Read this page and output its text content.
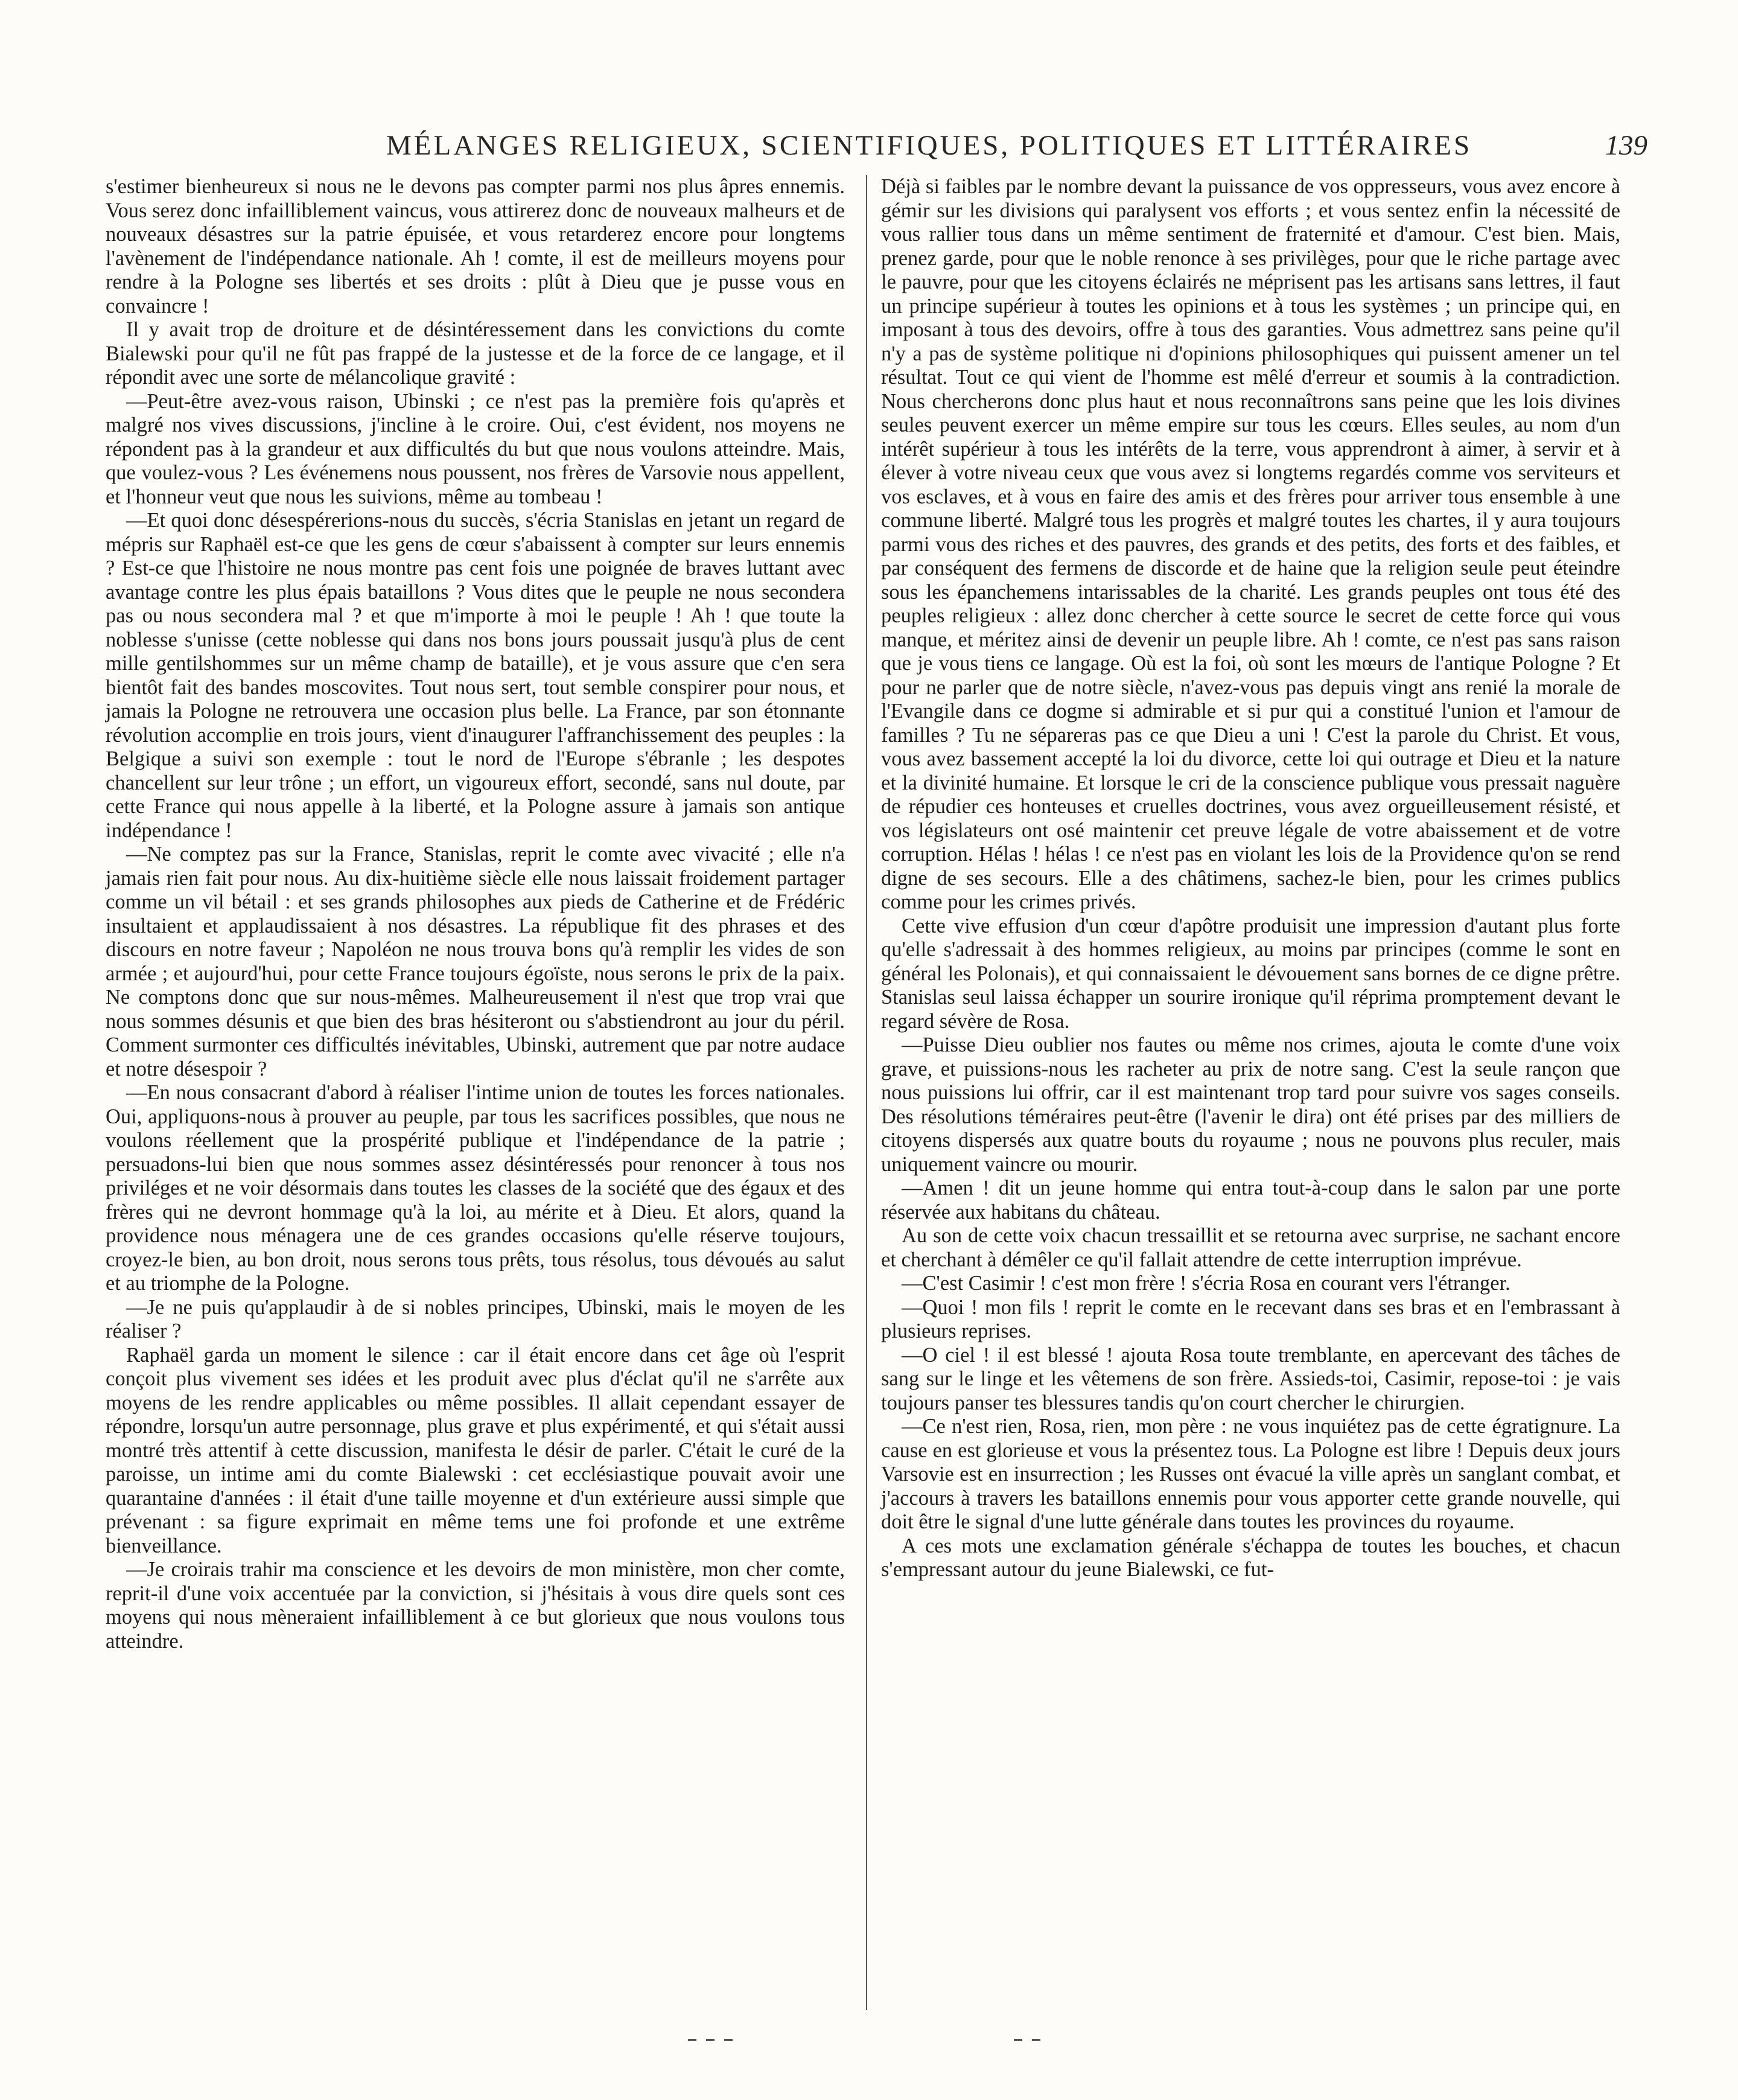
MÉLANGES RELIGIEUX, SCIENTIFIQUES, POLITIQUES ET LITTÉRAIRES	139

s'estimer bienheureux si nous ne le devons pas compter parmi nos plus âpres ennemis. Vous serez donc infailliblement vaincus, vous attirerez donc de nouveaux malheurs et de nouveaux désastres sur la patrie épuisée, et vous retarderez encore pour longtems l'avènement de l'indépendance nationale. Ah ! comte, il est de meilleurs moyens pour rendre à la Pologne ses libertés et ses droits : plût à Dieu que je pusse vous en convaincre !

Il y avait trop de droiture et de désintéressement dans les convictions du comte Bialewski pour qu'il ne fût pas frappé de la justesse et de la force de ce langage, et il répondit avec une sorte de mélancolique gravité :

—Peut-être avez-vous raison, Ubinski ; ce n'est pas la première fois qu'après et malgré nos vives discussions, j'incline à le croire. Oui, c'est évident, nos moyens ne répondent pas à la grandeur et aux difficultés du but que nous voulons atteindre. Mais, que voulez-vous ? Les événemens nous poussent, nos frères de Varsovie nous appellent, et l'honneur veut que nous les suivions, même au tombeau !

—Et quoi donc désespérerions-nous du succès, s'écria Stanislas en jetant un regard de mépris sur Raphaël est-ce que les gens de cœur s'abaissent à compter sur leurs ennemis ? Est-ce que l'histoire ne nous montre pas cent fois une poignée de braves luttant avec avantage contre les plus épais bataillons ? Vous dites que le peuple ne nous secondera pas ou nous secondera mal ? et que m'importe à moi le peuple ! Ah ! que toute la noblesse s'unisse (cette noblesse qui dans nos bons jours poussait jusqu'à plus de cent mille gentilshommes sur un même champ de bataille), et je vous assure que c'en sera bientôt fait des bandes moscovites. Tout nous sert, tout semble conspirer pour nous, et jamais la Pologne ne retrouvera une occasion plus belle. La France, par son étonnante révolution accomplie en trois jours, vient d'inaugurer l'affranchissement des peuples : la Belgique a suivi son exemple : tout le nord de l'Europe s'ébranle ; les despotes chancellent sur leur trône ; un effort, un vigoureux effort, secondé, sans nul doute, par cette France qui nous appelle à la liberté, et la Pologne assure à jamais son antique indépendance !

—Ne comptez pas sur la France, Stanislas, reprit le comte avec vivacité ; elle n'a jamais rien fait pour nous. Au dix-huitième siècle elle nous laissait froidement partager comme un vil bétail : et ses grands philosophes aux pieds de Catherine et de Frédéric insultaient et applaudissaient à nos désastres. La république fit des phrases et des discours en notre faveur ; Napoléon ne nous trouva bons qu'à remplir les vides de son armée ; et aujourd'hui, pour cette France toujours égoïste, nous serons le prix de la paix. Ne comptons donc que sur nous-mêmes. Malheureusement il n'est que trop vrai que nous sommes désunis et que bien des bras hésiteront ou s'abstiendront au jour du péril. Comment surmonter ces difficultés inévitables, Ubinski, autrement que par notre audace et notre désespoir ?

—En nous consacrant d'abord à réaliser l'intime union de toutes les forces nationales. Oui, appliquons-nous à prouver au peuple, par tous les sacrifices possibles, que nous ne voulons réellement que la prospérité publique et l'indépendance de la patrie ; persuadons-lui bien que nous sommes assez désintéressés pour renoncer à tous nos priviléges et ne voir désormais dans toutes les classes de la société que des égaux et des frères qui ne devront hommage qu'à la loi, au mérite et à Dieu. Et alors, quand la providence nous ménagera une de ces grandes occasions qu'elle réserve toujours, croyez-le bien, au bon droit, nous serons tous prêts, tous résolus, tous dévoués au salut et au triomphe de la Pologne.

—Je ne puis qu'applaudir à de si nobles principes, Ubinski, mais le moyen de les réaliser ?

Raphaël garda un moment le silence : car il était encore dans cet âge où l'esprit conçoit plus vivement ses idées et les produit avec plus d'éclat qu'il ne s'arrête aux moyens de les rendre applicables ou même possibles. Il allait cependant essayer de répondre, lorsqu'un autre personnage, plus grave et plus expérimenté, et qui s'était aussi montré très attentif à cette discussion, manifesta le désir de parler. C'était le curé de la paroisse, un intime ami du comte Bialewski : cet ecclésiastique pouvait avoir une quarantaine d'années : il était d'une taille moyenne et d'un extérieure aussi simple que prévenant : sa figure exprimait en même tems une foi profonde et une extrême bienveillance.

—Je croirais trahir ma conscience et les devoirs de mon ministère, mon cher comte, reprit-il d'une voix accentuée par la conviction, si j'hésitais à vous dire quels sont ces moyens qui nous mèneraient infailliblement à ce but glorieux que nous voulons tous atteindre.

Déjà si faibles par le nombre devant la puissance de vos oppresseurs, vous avez encore à gémir sur les divisions qui paralysent vos efforts ; et vous sentez enfin la nécessité de vous rallier tous dans un même sentiment de fraternité et d'amour. C'est bien. Mais, prenez garde, pour que le noble renonce à ses privilèges, pour que le riche partage avec le pauvre, pour que les citoyens éclairés ne méprisent pas les artisans sans lettres, il faut un principe supérieur à toutes les opinions et à tous les systèmes ; un principe qui, en imposant à tous des devoirs, offre à tous des garanties. Vous admettrez sans peine qu'il n'y a pas de système politique ni d'opinions philosophiques qui puissent amener un tel résultat. Tout ce qui vient de l'homme est mêlé d'erreur et soumis à la contradiction. Nous chercherons donc plus haut et nous reconnaîtrons sans peine que les lois divines seules peuvent exercer un même empire sur tous les cœurs. Elles seules, au nom d'un intérêt supérieur à tous les intérêts de la terre, vous apprendront à aimer, à servir et à élever à votre niveau ceux que vous avez si longtems regardés comme vos serviteurs et vos esclaves, et à vous en faire des amis et des frères pour arriver tous ensemble à une commune liberté. Malgré tous les progrès et malgré toutes les chartes, il y aura toujours parmi vous des riches et des pauvres, des grands et des petits, des forts et des faibles, et par conséquent des fermens de discorde et de haine que la religion seule peut éteindre sous les épanchemens intarissables de la charité. Les grands peuples ont tous été des peuples religieux : allez donc chercher à cette source le secret de cette force qui vous manque, et méritez ainsi de devenir un peuple libre. Ah ! comte, ce n'est pas sans raison que je vous tiens ce langage. Où est la foi, où sont les mœurs de l'antique Pologne ? Et pour ne parler que de notre siècle, n'avez-vous pas depuis vingt ans renié la morale de l'Evangile dans ce dogme si admirable et si pur qui a constitué l'union et l'amour de familles ? Tu ne sépareras pas ce que Dieu a uni ! C'est la parole du Christ. Et vous, vous avez bassement accepté la loi du divorce, cette loi qui outrage et Dieu et la nature et la divinité humaine. Et lorsque le cri de la conscience publique vous pressait naguère de répudier ces honteuses et cruelles doctrines, vous avez orgueilleusement résisté, et vos législateurs ont osé maintenir cet preuve légale de votre abaissement et de votre corruption. Hélas ! hélas ! ce n'est pas en violant les lois de la Providence qu'on se rend digne de ses secours. Elle a des châtimens, sachez-le bien, pour les crimes publics comme pour les crimes privés.

Cette vive effusion d'un cœur d'apôtre produisit une impression d'autant plus forte qu'elle s'adressait à des hommes religieux, au moins par principes (comme le sont en général les Polonais), et qui connaissaient le dévouement sans bornes de ce digne prêtre. Stanislas seul laissa échapper un sourire ironique qu'il réprima promptement devant le regard sévère de Rosa.

—Puisse Dieu oublier nos fautes ou même nos crimes, ajouta le comte d'une voix grave, et puissions-nous les racheter au prix de notre sang. C'est la seule rançon que nous puissions lui offrir, car il est maintenant trop tard pour suivre vos sages conseils. Des résolutions téméraires peut-être (l'avenir le dira) ont été prises par des milliers de citoyens dispersés aux quatre bouts du royaume ; nous ne pouvons plus reculer, mais uniquement vaincre ou mourir.

—Amen ! dit un jeune homme qui entra tout-à-coup dans le salon par une porte réservée aux habitans du château.

Au son de cette voix chacun tressaillit et se retourna avec surprise, ne sachant encore et cherchant à démêler ce qu'il fallait attendre de cette interruption imprévue.

—C'est Casimir ! c'est mon frère ! s'écria Rosa en courant vers l'étranger.

—Quoi ! mon fils ! reprit le comte en le recevant dans ses bras et en l'embrassant à plusieurs reprises.

—O ciel ! il est blessé ! ajouta Rosa toute tremblante, en apercevant des tâches de sang sur le linge et les vêtemens de son frère. Assieds-toi, Casimir, repose-toi : je vais toujours panser tes blessures tandis qu'on court chercher le chirurgien.

—Ce n'est rien, Rosa, rien, mon père : ne vous inquiétez pas de cette égratignure. La cause en est glorieuse et vous la présentez tous. La Pologne est libre ! Depuis deux jours Varsovie est en insurrection ; les Russes ont évacué la ville après un sanglant combat, et j'accours à travers les bataillons ennemis pour vous apporter cette grande nouvelle, qui doit être le signal d'une lutte générale dans toutes les provinces du royaume.

A ces mots une exclamation générale s'échappa de toutes les bouches, et chacun s'empressant autour du jeune Bialewski, ce fut-
